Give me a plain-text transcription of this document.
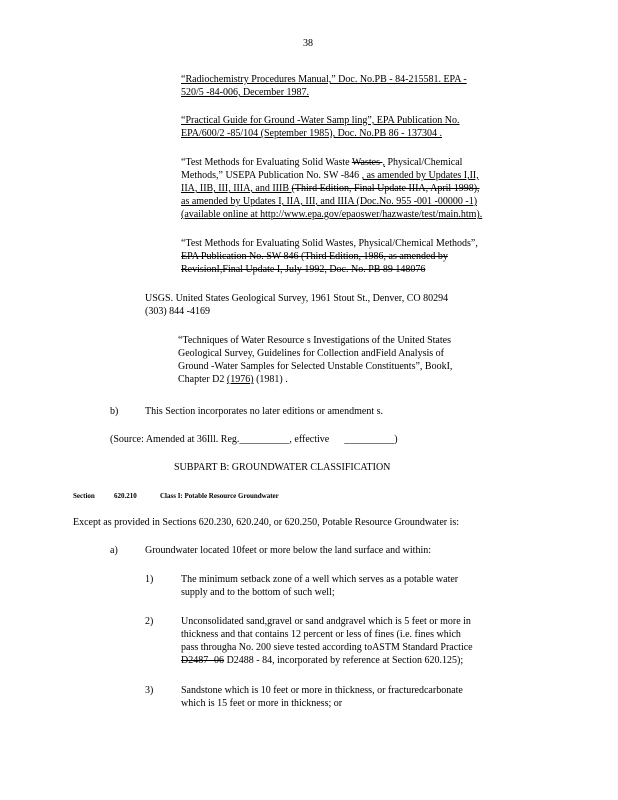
38
“Radiochemistry Procedures Manual,” Doc. No.PB - 84-215581. EPA -
520/5 -84-006, December 1987.
“Practical Guide for Ground -Water Samp ling”, EPA Publication No.
EPA/600/2 -85/104 (September 1985), Doc. No.PB 86 - 137304 .
“Test Methods for Evaluating Solid Waste Wastes , Physical/Chemical
Methods,” USEPA Publication No. SW -846 , as amended by Updates I,II,
IIA, IIB, III, IIIA, and IIIB (Third Edition, Final Update IIIA, April 1998),
as amended by Updates I, IIA, III, and IIIA (Doc.No. 955 -001 -00000 -1)
(available online at http://www.epa.gov/epaoswer/hazwaste/test/main.htm).
“Test Methods for Evaluating Solid Wastes, Physical/Chemical Methods”,
EPA Publication No. SW 846 (Third Edition, 1986, as amended by
RevisionI,Final Update I, July 1992, Doc. No. PB 89 148076
USGS. United States Geological Survey, 1961 Stout St., Denver, CO 80294
(303) 844 -4169
“Techniques of Water Resource s Investigations of the United States
Geological Survey, Guidelines for Collection andField Analysis of
Ground -Water Samples for Selected Unstable Constituents”, BookI,
Chapter D2 (1976) (1981) .
b)	This Section incorporates no later editions or amendment s.
(Source: Amended at 36Ill. Reg.__________, effective __________)
SUBPART B: GROUNDWATER CLASSIFICATION
Section	620.210	Class I: Potable Resource Groundwater
Except as provided in Sections 620.230, 620.240, or 620.250, Potable Resource Groundwater is:
a)	Groundwater located 10feet or more below the land surface and within:
1)	The minimum setback zone of a well which serves as a potable water
supply and to the bottom of such well;
2)	Unconsolidated sand,gravel or sand andgravel which is 5 feet or more in
thickness and that contains 12 percent or less of fines (i.e. fines which
pass througha No. 200 sieve tested according toASTM Standard Practice
D2487 -06 D2488 - 84, incorporated by reference at Section 620.125);
3)	Sandstone which is 10 feet or more in thickness, or fracturedcarbonate
which is 15 feet or more in thickness; or
